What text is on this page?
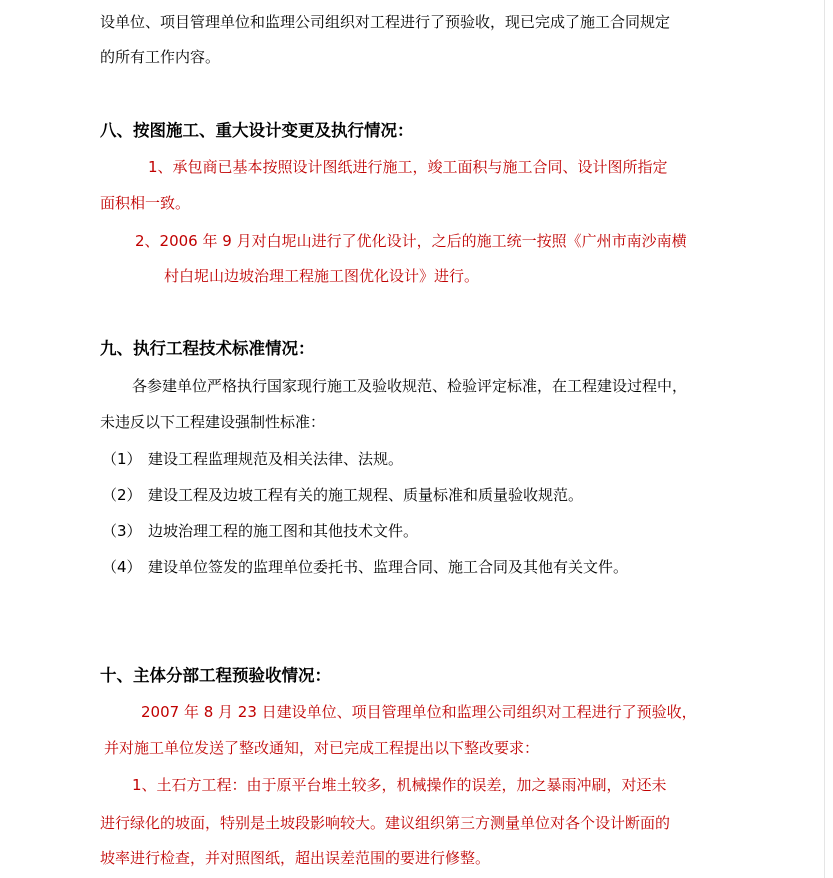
设单位、项目管理单位和监理公司组织对工程进行了预验收，现已完成了施工合同规定
的所有工作内容。
八、按图施工、重大设计变更及执行情况：
1、承包商已基本按照设计图纸进行施工，竣工面积与施工合同、设计图所指定
面积相一致。
2、2006 年 9 月对白坭山进行了优化设计，之后的施工统一按照《广州市南沙南横
村白坭山边坡治理工程施工图优化设计》进行。
九、执行工程技术标准情况：
各参建单位严格执行国家现行施工及验收规范、检验评定标准，在工程建设过程中，
未违反以下工程建设强制性标准：
（1） 建设工程监理规范及相关法律、法规。
（2） 建设工程及边坡工程有关的施工规程、质量标准和质量验收规范。
（3） 边坡治理工程的施工图和其他技术文件。
（4） 建设单位签发的监理单位委托书、监理合同、施工合同及其他有关文件。
十、主体分部工程预验收情况：
2007 年 8 月 23 日建设单位、项目管理单位和监理公司组织对工程进行了预验收，
并对施工单位发送了整改通知，对已完成工程提出以下整改要求：
1、土石方工程：由于原平台堆土较多，机械操作的误差，加之暴雨冲刷，对还未
进行绿化的坡面，特别是土坡段影响较大。建议组织第三方测量单位对各个设计断面的
坡率进行检查，并对照图纸，超出误差范围的要进行修整。
